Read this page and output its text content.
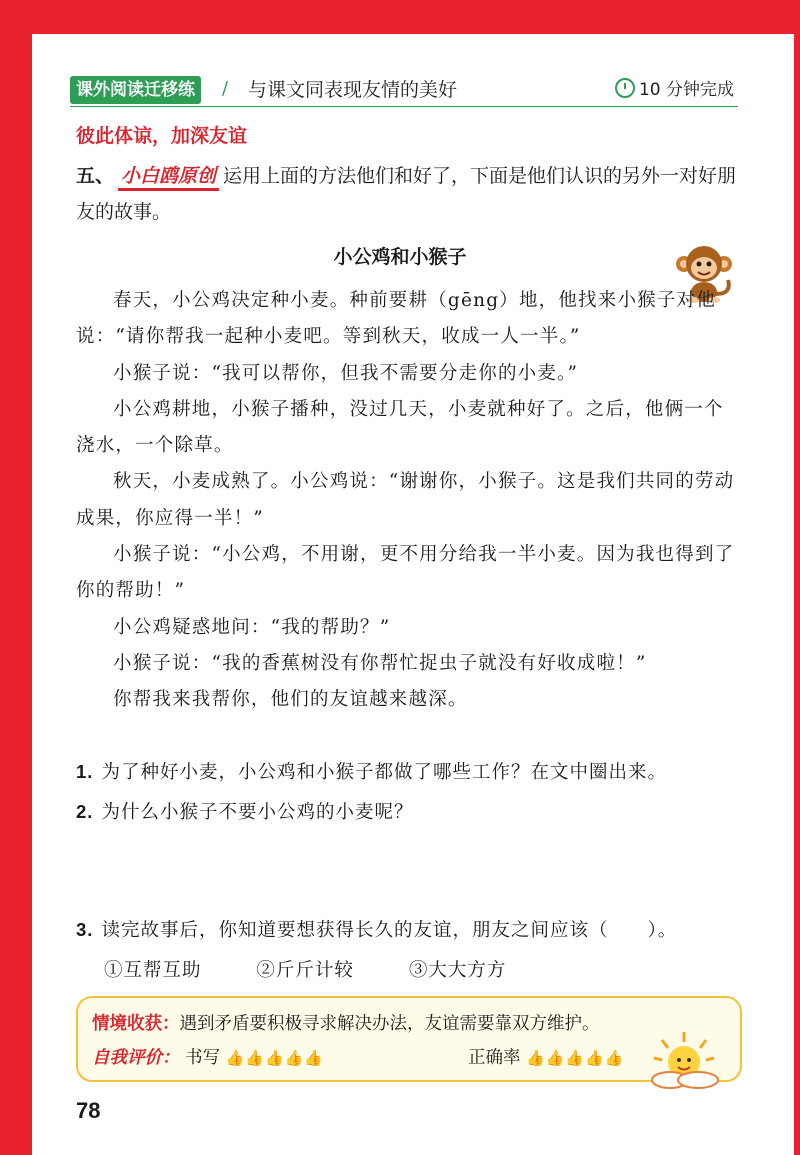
课外阅读迁移练	/ 与课文同表现友情的美好	10 分钟完成
彼此体谅，加深友谊
五、 小白鸥原创 运用上面的方法他们和好了，下面是他们认识的另外一对好朋友的故事。
小公鸡和小猴子

春天，小公鸡决定种小麦。种前要耕（gēng）地，他找来小猴子对他说：“请你帮我一起种小麦吧。等到秋天，收成一人一半。”

小猴子说：“我可以帮你，但我不需要分走你的小麦。”

小公鸡耕地，小猴子播种，没过几天，小麦就种好了。之后，他俩一个浇水，一个除草。

秋天，小麦成熟了。小公鸡说：“谢谢你，小猴子。这是我们共同的劳动成果，你应得一半！”

小猴子说：“小公鸡，不用谢，更不用分给我一半小麦。因为我也得到了你的帮助！”

小公鸡疑惑地问：“我的帮助？”

小猴子说：“我的香蕉树没有你帮忙捉虫子就没有好收成啦！”

你帮我来我帮你，他们的友谊越来越深。

1. 为了种好小麦，小公鸡和小猴子都做了哪些工作？在文中圈出来。
2. 为什么小猴子不要小公鸡的小麦呢？
3. 读完故事后，你知道要想获得长久的友谊，朋友之间应该（　　）。
①互帮互助	②斤斤计较	③大大方方
情境收获：遇到矛盾要积极寻求解决办法，友谊需要靠双方维护。
自我评价： 书写 👍👍👍👍👍	正确率 👍👍👍👍👍
78
